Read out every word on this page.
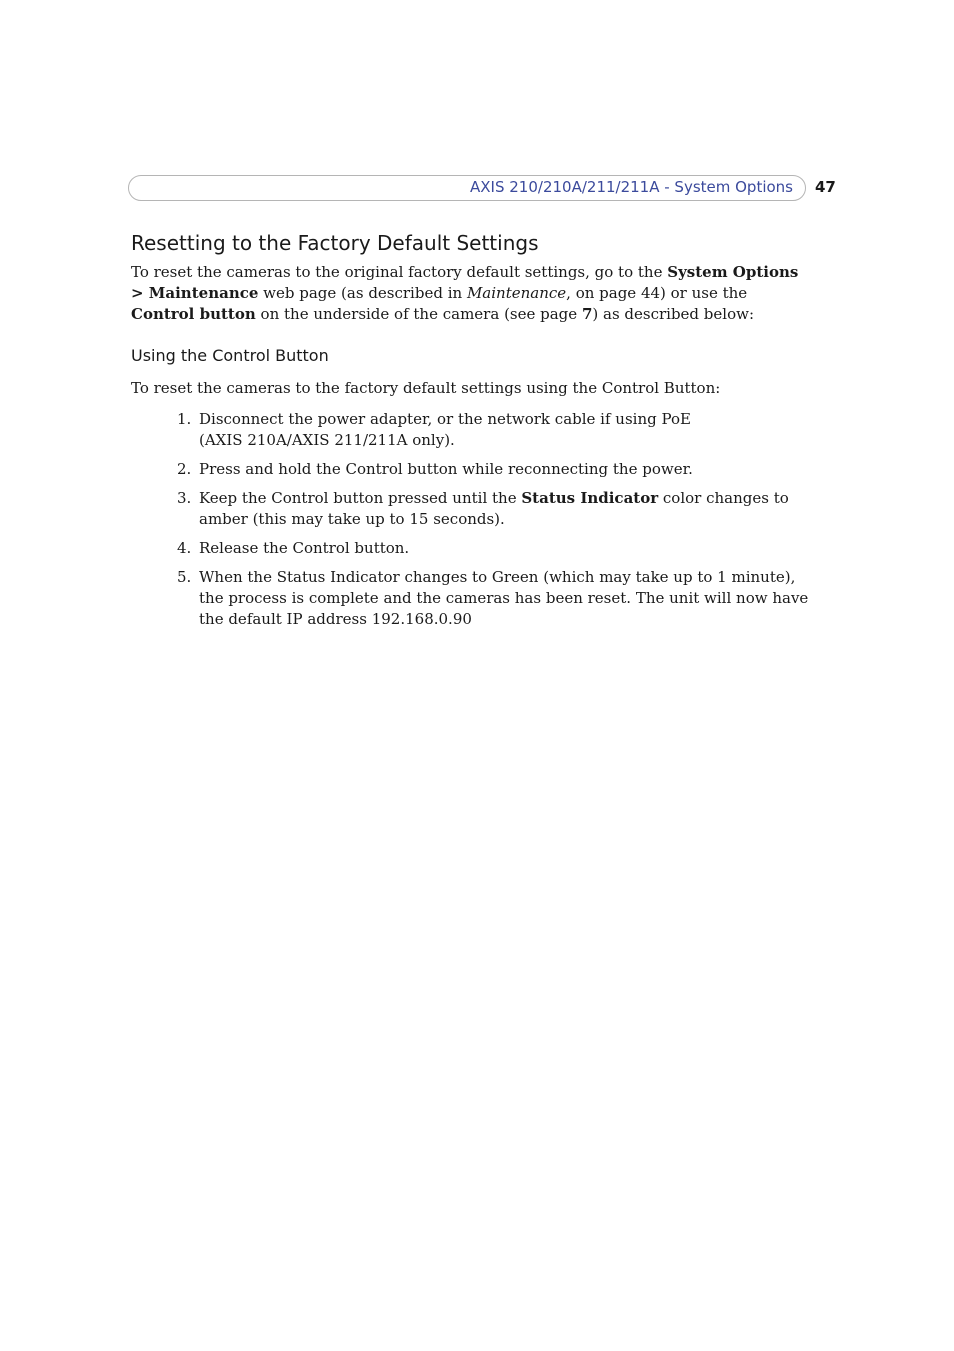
AXIS 210/210A/211/211A - System Options 47
Resetting to the Factory Default Settings

To reset the cameras to the original factory default settings, go to the System Options > Maintenance web page (as described in Maintenance, on page 44) or use the Control button on the underside of the camera (see page 7) as described below:

Using the Control Button

To reset the cameras to the factory default settings using the Control Button:

1. Disconnect the power adapter, or the network cable if using PoE
(AXIS 210A/AXIS 211/211A only).
2. Press and hold the Control button while reconnecting the power.
3. Keep the Control button pressed until the Status Indicator color changes to amber (this may take up to 15 seconds).
4. Release the Control button.
5. When the Status Indicator changes to Green (which may take up to 1 minute), the process is complete and the cameras has been reset. The unit will now have the default IP address 192.168.0.90
